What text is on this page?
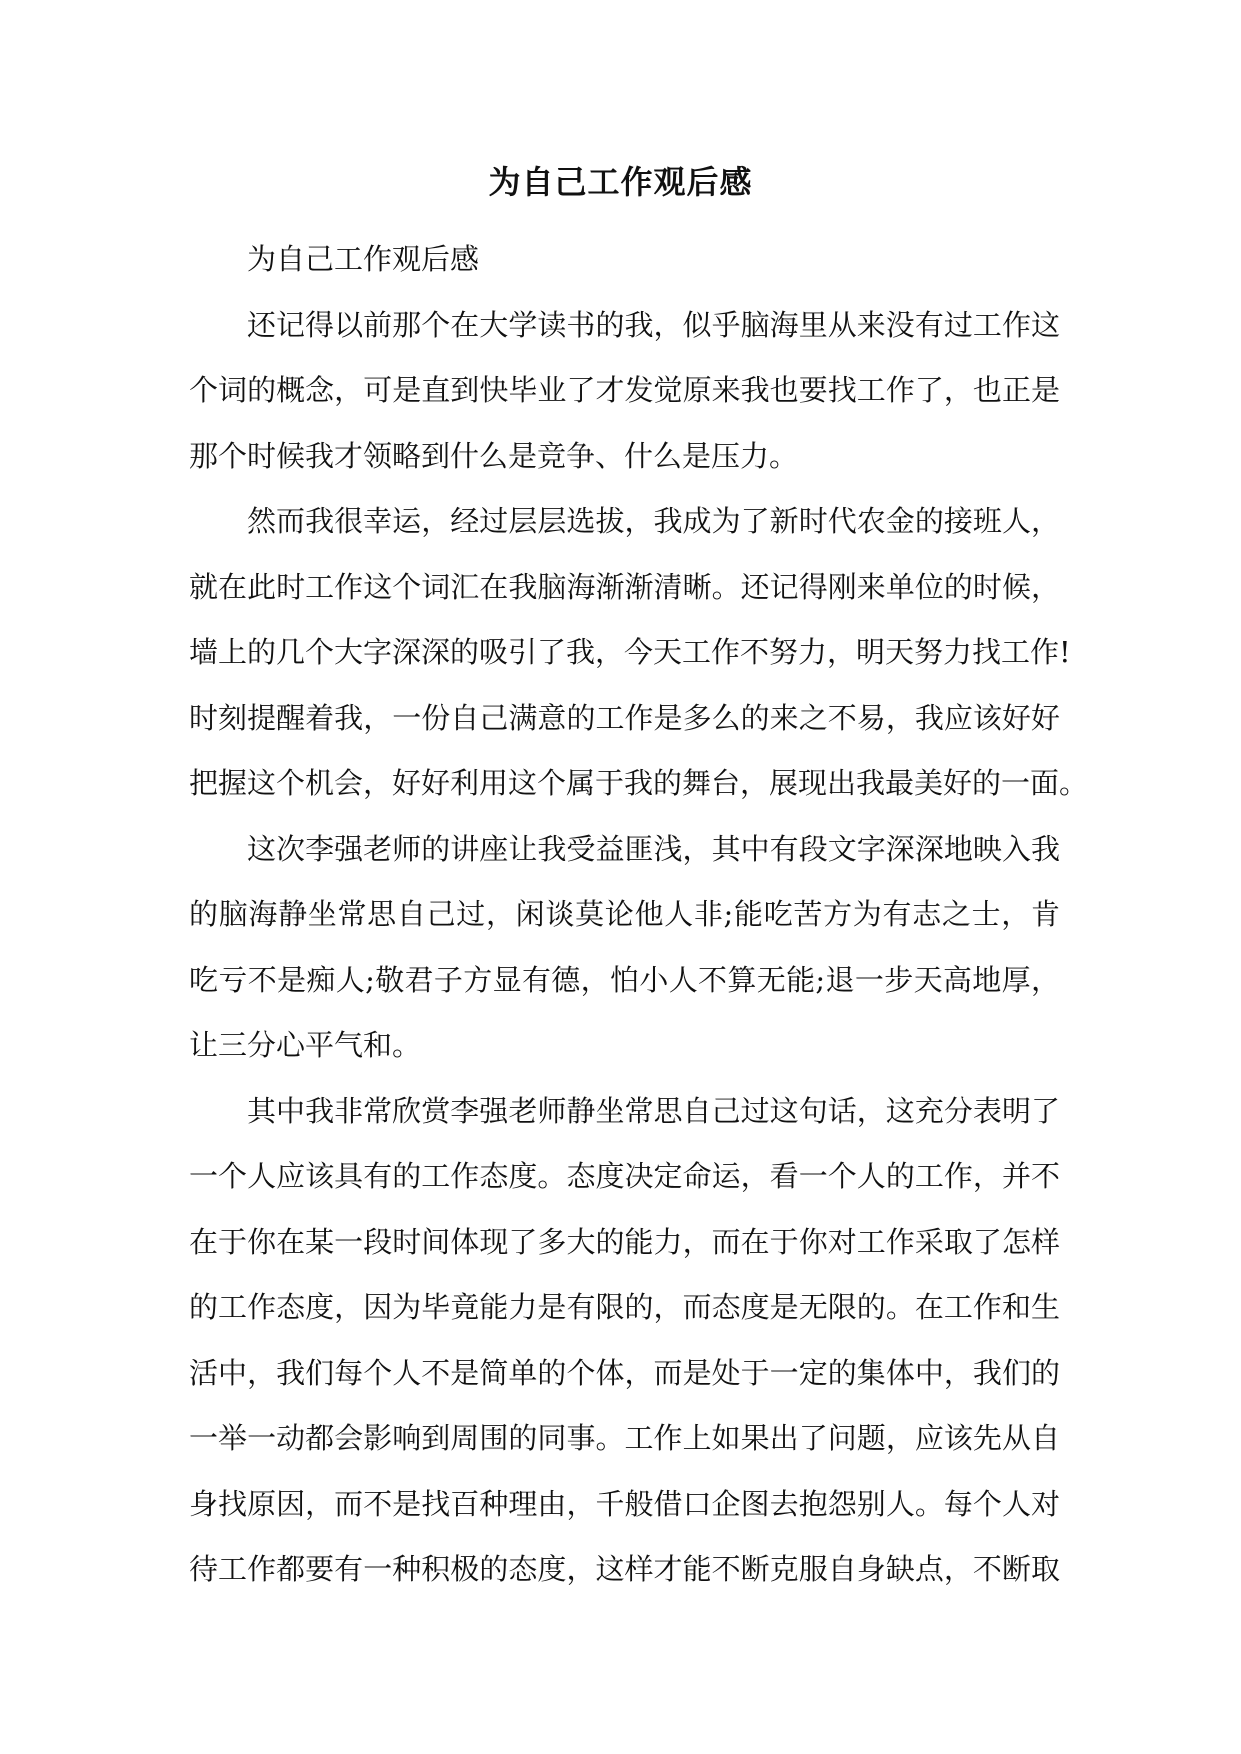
为自己工作观后感
为自己工作观后感
还记得以前那个在大学读书的我，似乎脑海里从来没有过工作这
个词的概念，可是直到快毕业了才发觉原来我也要找工作了，也正是
那个时候我才领略到什么是竞争、什么是压力。
然而我很幸运，经过层层选拔，我成为了新时代农金的接班人，
就在此时工作这个词汇在我脑海渐渐清晰。还记得刚来单位的时候，
墙上的几个大字深深的吸引了我，今天工作不努力，明天努力找工作!
时刻提醒着我，一份自己满意的工作是多么的来之不易，我应该好好
把握这个机会，好好利用这个属于我的舞台，展现出我最美好的一面。
这次李强老师的讲座让我受益匪浅，其中有段文字深深地映入我
的脑海静坐常思自己过，闲谈莫论他人非;能吃苦方为有志之士，肯
吃亏不是痴人;敬君子方显有德，怕小人不算无能;退一步天高地厚，
让三分心平气和。
其中我非常欣赏李强老师静坐常思自己过这句话，这充分表明了
一个人应该具有的工作态度。态度决定命运，看一个人的工作，并不
在于你在某一段时间体现了多大的能力，而在于你对工作采取了怎样
的工作态度，因为毕竟能力是有限的，而态度是无限的。在工作和生
活中，我们每个人不是简单的个体，而是处于一定的集体中，我们的
一举一动都会影响到周围的同事。工作上如果出了问题，应该先从自
身找原因，而不是找百种理由，千般借口企图去抱怨别人。每个人对
待工作都要有一种积极的态度，这样才能不断克服自身缺点，不断取
